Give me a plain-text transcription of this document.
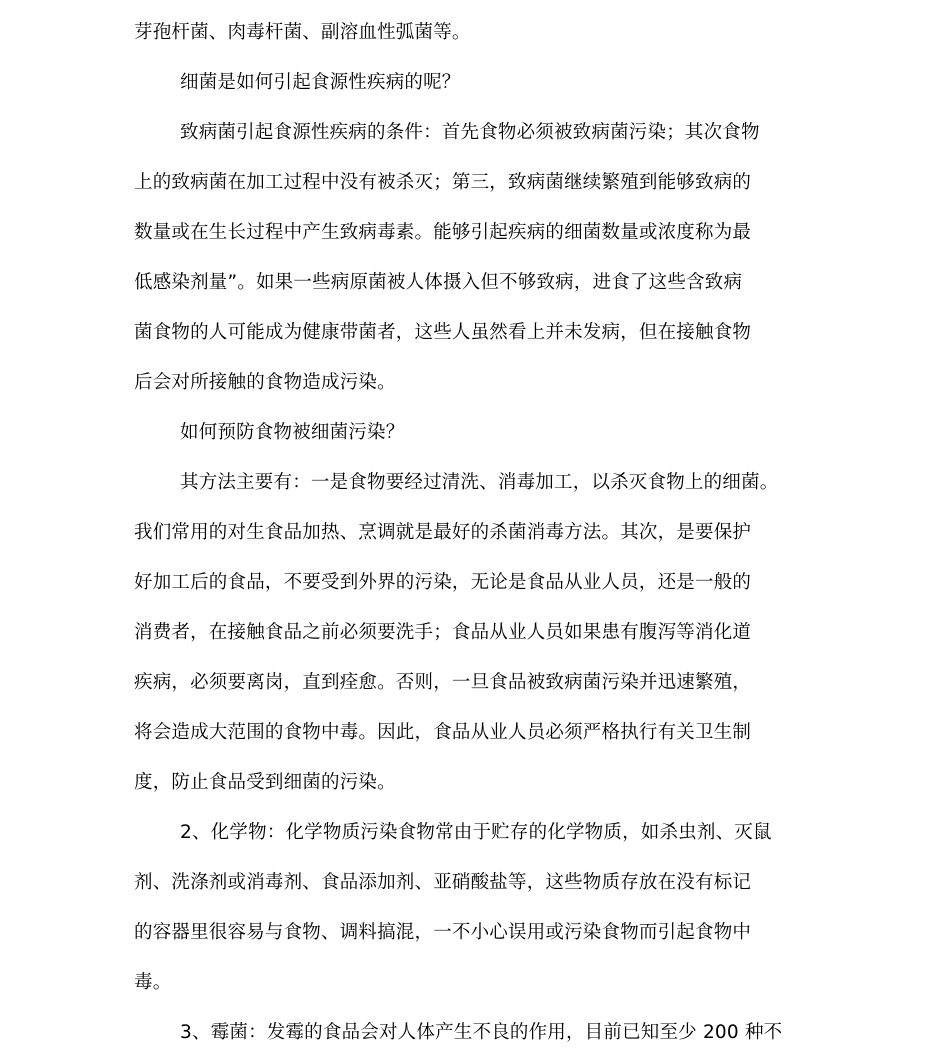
芽孢杆菌、肉毒杆菌、副溶血性弧菌等。
细菌是如何引起食源性疾病的呢？
致病菌引起食源性疾病的条件：首先食物必须被致病菌污染；其次食物
上的致病菌在加工过程中没有被杀灭；第三，致病菌继续繁殖到能够致病的
数量或在生长过程中产生致病毒素。能够引起疾病的细菌数量或浓度称为最
低感染剂量”。如果一些病原菌被人体摄入但不够致病，进食了这些含致病
菌食物的人可能成为健康带菌者，这些人虽然看上并未发病，但在接触食物
后会对所接触的食物造成污染。
如何预防食物被细菌污染？
其方法主要有：一是食物要经过清洗、消毒加工，以杀灭食物上的细菌。
我们常用的对生食品加热、烹调就是最好的杀菌消毒方法。其次，是要保护
好加工后的食品，不要受到外界的污染，无论是食品从业人员，还是一般的
消费者，在接触食品之前必须要洗手；食品从业人员如果患有腹泻等消化道
疾病，必须要离岗，直到痊愈。否则，一旦食品被致病菌污染并迅速繁殖，
将会造成大范围的食物中毒。因此，食品从业人员必须严格执行有关卫生制
度，防止食品受到细菌的污染。
2、化学物：化学物质污染食物常由于贮存的化学物质，如杀虫剂、灭鼠
剂、洗涤剂或消毒剂、食品添加剂、亚硝酸盐等，这些物质存放在没有标记
的容器里很容易与食物、调料搞混，一不小心误用或污染食物而引起食物中
毒。
3、霉菌：发霉的食品会对人体产生不良的作用，目前已知至少 200 种不
